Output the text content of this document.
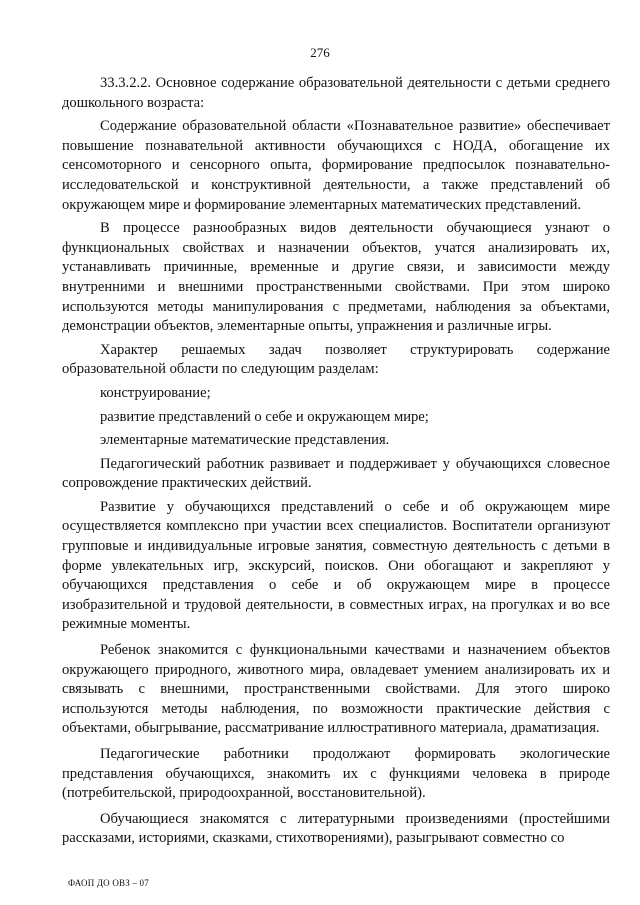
276

33.3.2.2. Основное содержание образовательной деятельности с детьми среднего дошкольного возраста:

Содержание образовательной области «Познавательное развитие» обеспечивает повышение познавательной активности обучающихся с НОДА, обогащение их сенсомоторного и сенсорного опыта, формирование предпосылок познавательно-исследовательской и конструктивной деятельности, а также представлений об окружающем мире и формирование элементарных математических представлений.

В процессе разнообразных видов деятельности обучающиеся узнают о функциональных свойствах и назначении объектов, учатся анализировать их, устанавливать причинные, временные и другие связи, и зависимости между внутренними и внешними пространственными свойствами. При этом широко используются методы манипулирования с предметами, наблюдения за объектами, демонстрации объектов, элементарные опыты, упражнения и различные игры.

Характер решаемых задач позволяет структурировать содержание образовательной области по следующим разделам:

конструирование;

развитие представлений о себе и окружающем мире;

элементарные математические представления.

Педагогический работник развивает и поддерживает у обучающихся словесное сопровождение практических действий.

Развитие у обучающихся представлений о себе и об окружающем мире осуществляется комплексно при участии всех специалистов. Воспитатели организуют групповые и индивидуальные игровые занятия, совместную деятельность с детьми в форме увлекательных игр, экскурсий, поисков. Они обогащают и закрепляют у обучающихся представления о себе и об окружающем мире в процессе изобразительной и трудовой деятельности, в совместных играх, на прогулках и во все режимные моменты.

Ребенок знакомится с функциональными качествами и назначением объектов окружающего природного, животного мира, овладевает умением анализировать их и связывать с внешними, пространственными свойствами. Для этого широко используются методы наблюдения, по возможности практические действия с объектами, обыгрывание, рассматривание иллюстративного материала, драматизация.

Педагогические работники продолжают формировать экологические представления обучающихся, знакомить их с функциями человека в природе (потребительской, природоохранной, восстановительной).

Обучающиеся знакомятся с литературными произведениями (простейшими рассказами, историями, сказками, стихотворениями), разыгрывают совместно со

ФАОП ДО ОВЗ – 07
